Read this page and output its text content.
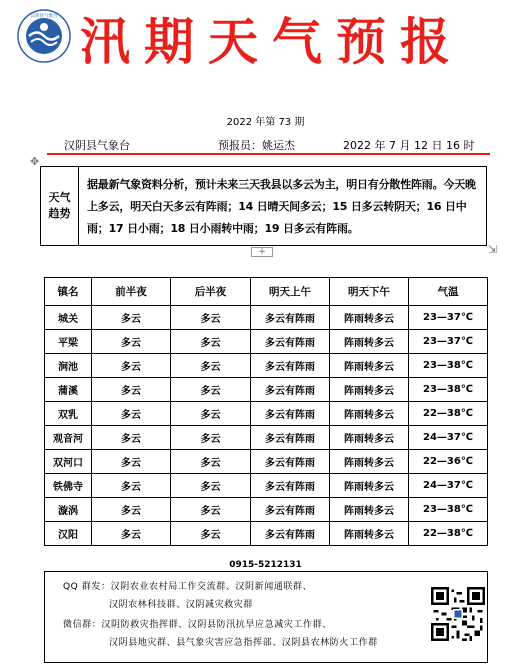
汉阴县气象台 汛期天气预报
2022 年第 73 期
汉阴县气象台	预报员：姚运杰	2022 年 7 月 12 日 16 时
✥
天气
趋势
据最新气象资料分析，预计未来三天我县以多云为主，明日有分散性阵雨。今天晚上多云，明天白天多云有阵雨；14 日晴天间多云；15 日多云转阴天；16 日中雨；17 日小雨；18 日小雨转中雨；19 日多云有阵雨。
+	⇲
镇名	前半夜	后半夜	明天上午	明天下午	气温
城关	多云	多云	多云有阵雨	阵雨转多云	23—37℃
平梁	多云	多云	多云有阵雨	阵雨转多云	23—37℃
涧池	多云	多云	多云有阵雨	阵雨转多云	23—38℃
蒲溪	多云	多云	多云有阵雨	阵雨转多云	23—38℃
双乳	多云	多云	多云有阵雨	阵雨转多云	22—38℃
观音河	多云	多云	多云有阵雨	阵雨转多云	24—37℃
双河口	多云	多云	多云有阵雨	阵雨转多云	22—36℃
铁佛寺	多云	多云	多云有阵雨	阵雨转多云	24—37℃
漩涡	多云	多云	多云有阵雨	阵雨转多云	23—38℃
汉阳	多云	多云	多云有阵雨	阵雨转多云	22—38℃
0915-5212131
QQ 群发：汉阴农业农村局工作交流群、汉阴新闻通联群、
汉阴农林科技群、汉阴减灾救灾群
微信群：汉阴防救灾指挥群、汉阴县防汛抗旱应急减灾工作群、
汉阴县地灾群、县气象灾害应急指挥部、汉阴县农林防火工作群
